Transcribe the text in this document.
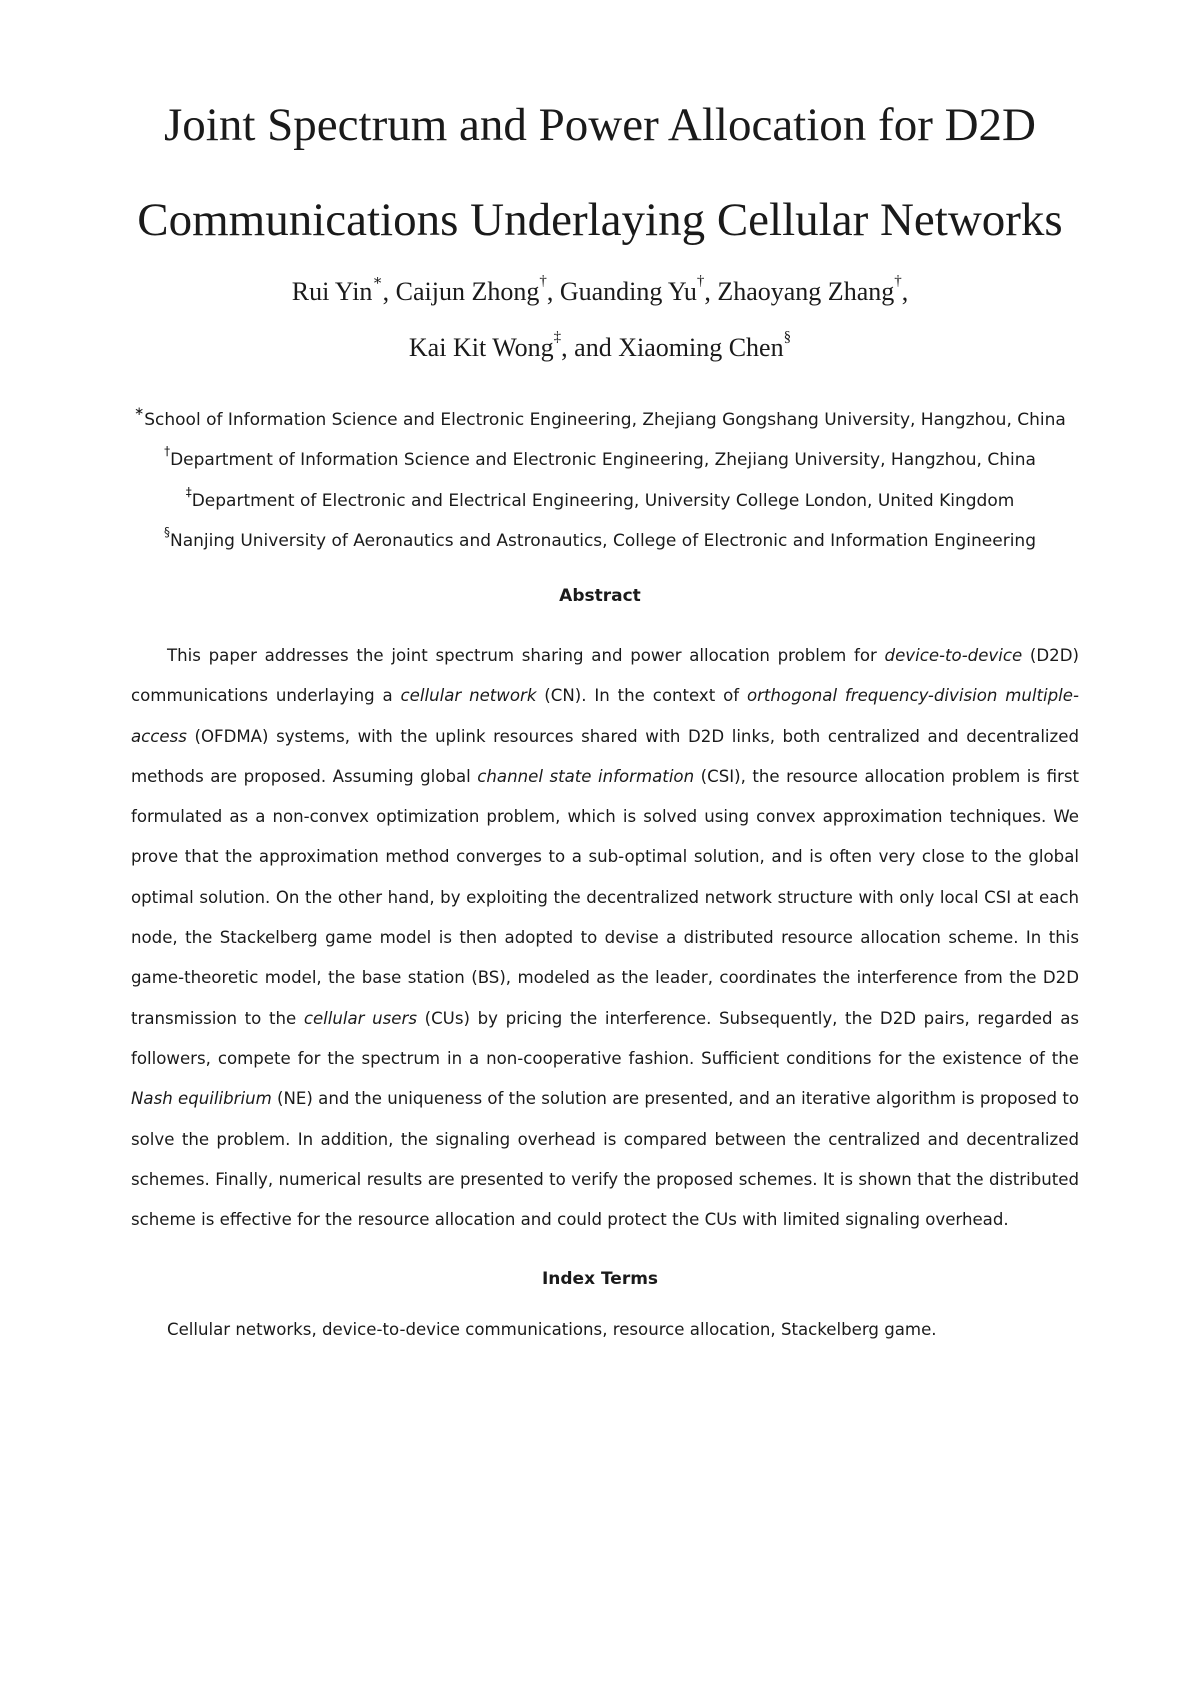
Joint Spectrum and Power Allocation for D2D
Communications Underlaying Cellular Networks
Rui Yin∗, Caijun Zhong†, Guanding Yu†, Zhaoyang Zhang†,
Kai Kit Wong‡, and Xiaoming Chen§
∗School of Information Science and Electronic Engineering, Zhejiang Gongshang University, Hangzhou, China
†Department of Information Science and Electronic Engineering, Zhejiang University, Hangzhou, China
‡Department of Electronic and Electrical Engineering, University College London, United Kingdom
§Nanjing University of Aeronautics and Astronautics, College of Electronic and Information Engineering
Abstract

This paper addresses the joint spectrum sharing and power allocation problem for device-to-device (D2D) communications underlaying a cellular network (CN). In the context of orthogonal frequency-division multiple-access (OFDMA) systems, with the uplink resources shared with D2D links, both centralized and decentralized methods are proposed. Assuming global channel state information (CSI), the resource allocation problem is first formulated as a non-convex optimization problem, which is solved using convex approximation techniques. We prove that the approximation method converges to a sub-optimal solution, and is often very close to the global optimal solution. On the other hand, by exploiting the decentralized network structure with only local CSI at each node, the Stackelberg game model is then adopted to devise a distributed resource allocation scheme. In this game-theoretic model, the base station (BS), modeled as the leader, coordinates the interference from the D2D transmission to the cellular users (CUs) by pricing the interference. Subsequently, the D2D pairs, regarded as followers, compete for the spectrum in a non-cooperative fashion. Sufficient conditions for the existence of the Nash equilibrium (NE) and the uniqueness of the solution are presented, and an iterative algorithm is proposed to solve the problem. In addition, the signaling overhead is compared between the centralized and decentralized schemes. Finally, numerical results are presented to verify the proposed schemes. It is shown that the distributed scheme is effective for the resource allocation and could protect the CUs with limited signaling overhead.

Index Terms

Cellular networks, device-to-device communications, resource allocation, Stackelberg game.
